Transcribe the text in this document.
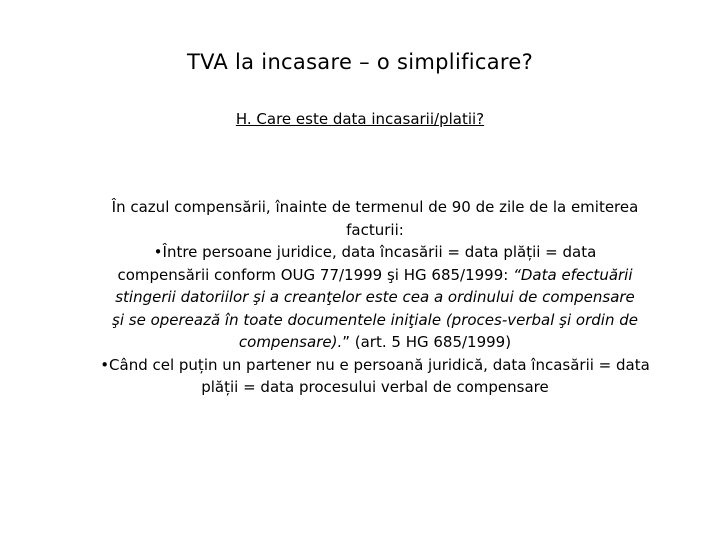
TVA la incasare – o simplificare?
H. Care este data incasarii/platii?
În cazul compensării, înainte de termenul de 90 de zile de la emiterea
facturii:
•Între persoane juridice, data încasării = data plății = data
compensării conform OUG 77/1999 şi HG 685/1999: “Data efectuării
stingerii datoriilor şi a creanţelor este cea a ordinului de compensare
şi se operează în toate documentele iniţiale (proces-verbal şi ordin de
compensare).” (art. 5 HG 685/1999)
•Când cel puțin un partener nu e persoană juridică, data încasării = data
plății = data procesului verbal de compensare
